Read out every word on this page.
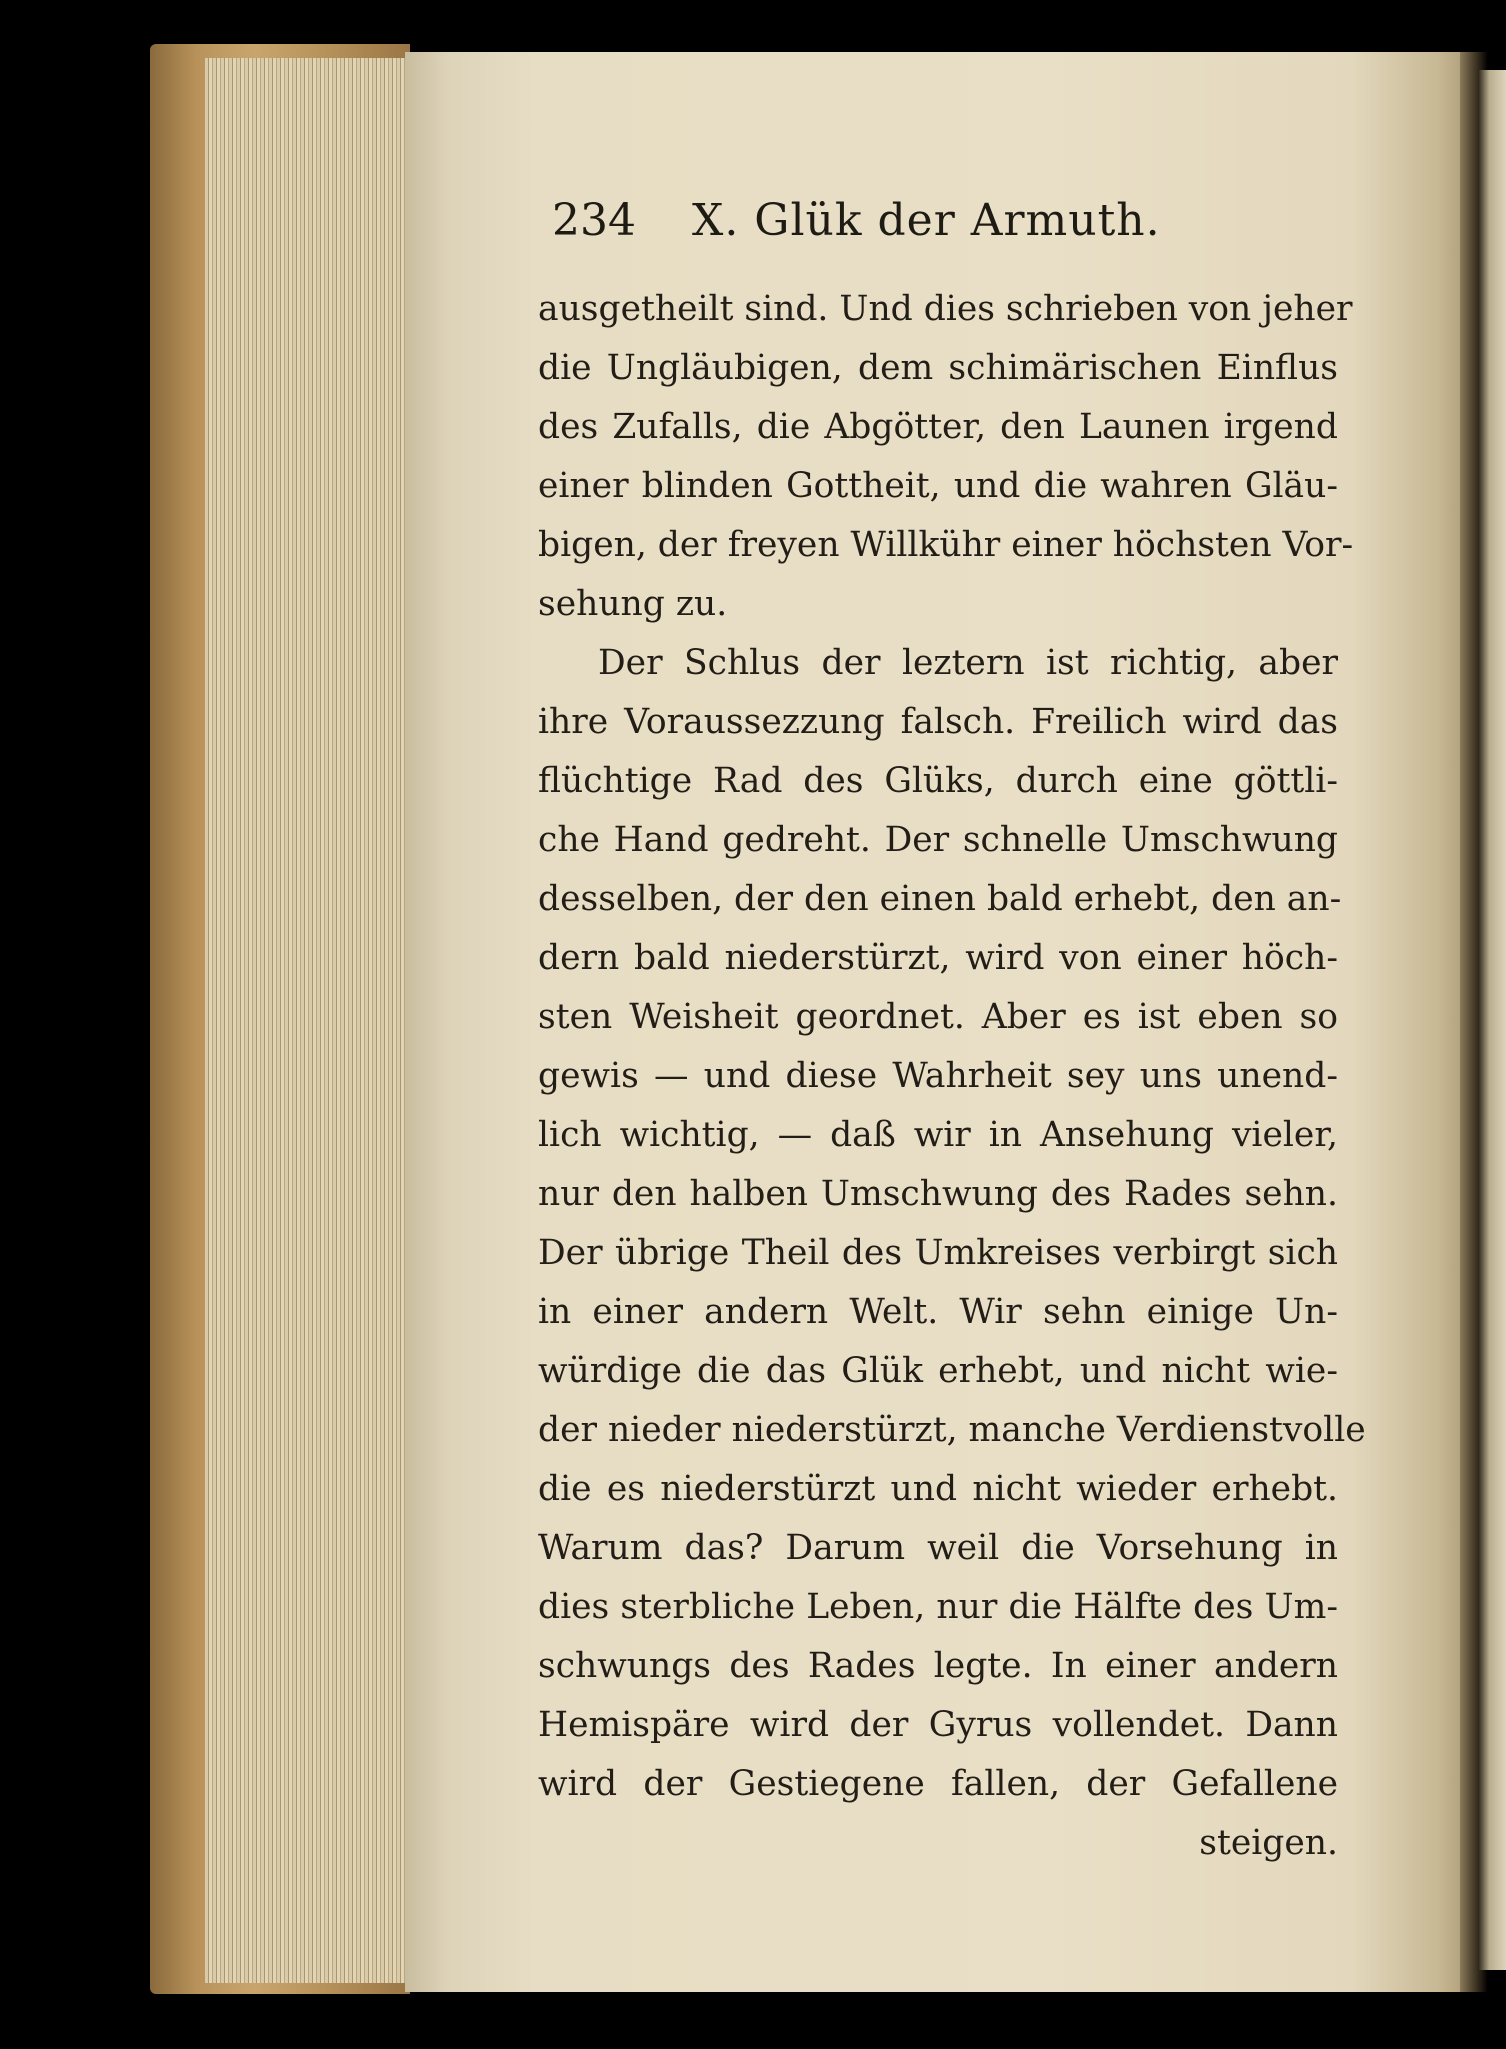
234 X. Glük der Armuth.
ausgetheilt sind. Und dies schrieben von jeher
die Ungläubigen, dem schimärischen Einflus
des Zufalls, die Abgötter, den Launen irgend
einer blinden Gottheit, und die wahren Gläu-
bigen, der freyen Willkühr einer höchsten Vor-
sehung zu.
Der Schlus der leztern ist richtig, aber
ihre Voraussezzung falsch. Freilich wird das
flüchtige Rad des Glüks, durch eine göttli-
che Hand gedreht. Der schnelle Umschwung
desselben, der den einen bald erhebt, den an-
dern bald niederstürzt, wird von einer höch-
sten Weisheit geordnet. Aber es ist eben so
gewis — und diese Wahrheit sey uns unend-
lich wichtig, — daß wir in Ansehung vieler,
nur den halben Umschwung des Rades sehn.
Der übrige Theil des Umkreises verbirgt sich
in einer andern Welt. Wir sehn einige Un-
würdige die das Glük erhebt, und nicht wie-
der nieder niederstürzt, manche Verdienstvolle
die es niederstürzt und nicht wieder erhebt.
Warum das? Darum weil die Vorsehung in
dies sterbliche Leben, nur die Hälfte des Um-
schwungs des Rades legte. In einer andern
Hemispäre wird der Gyrus vollendet. Dann
wird der Gestiegene fallen, der Gefallene
steigen.
